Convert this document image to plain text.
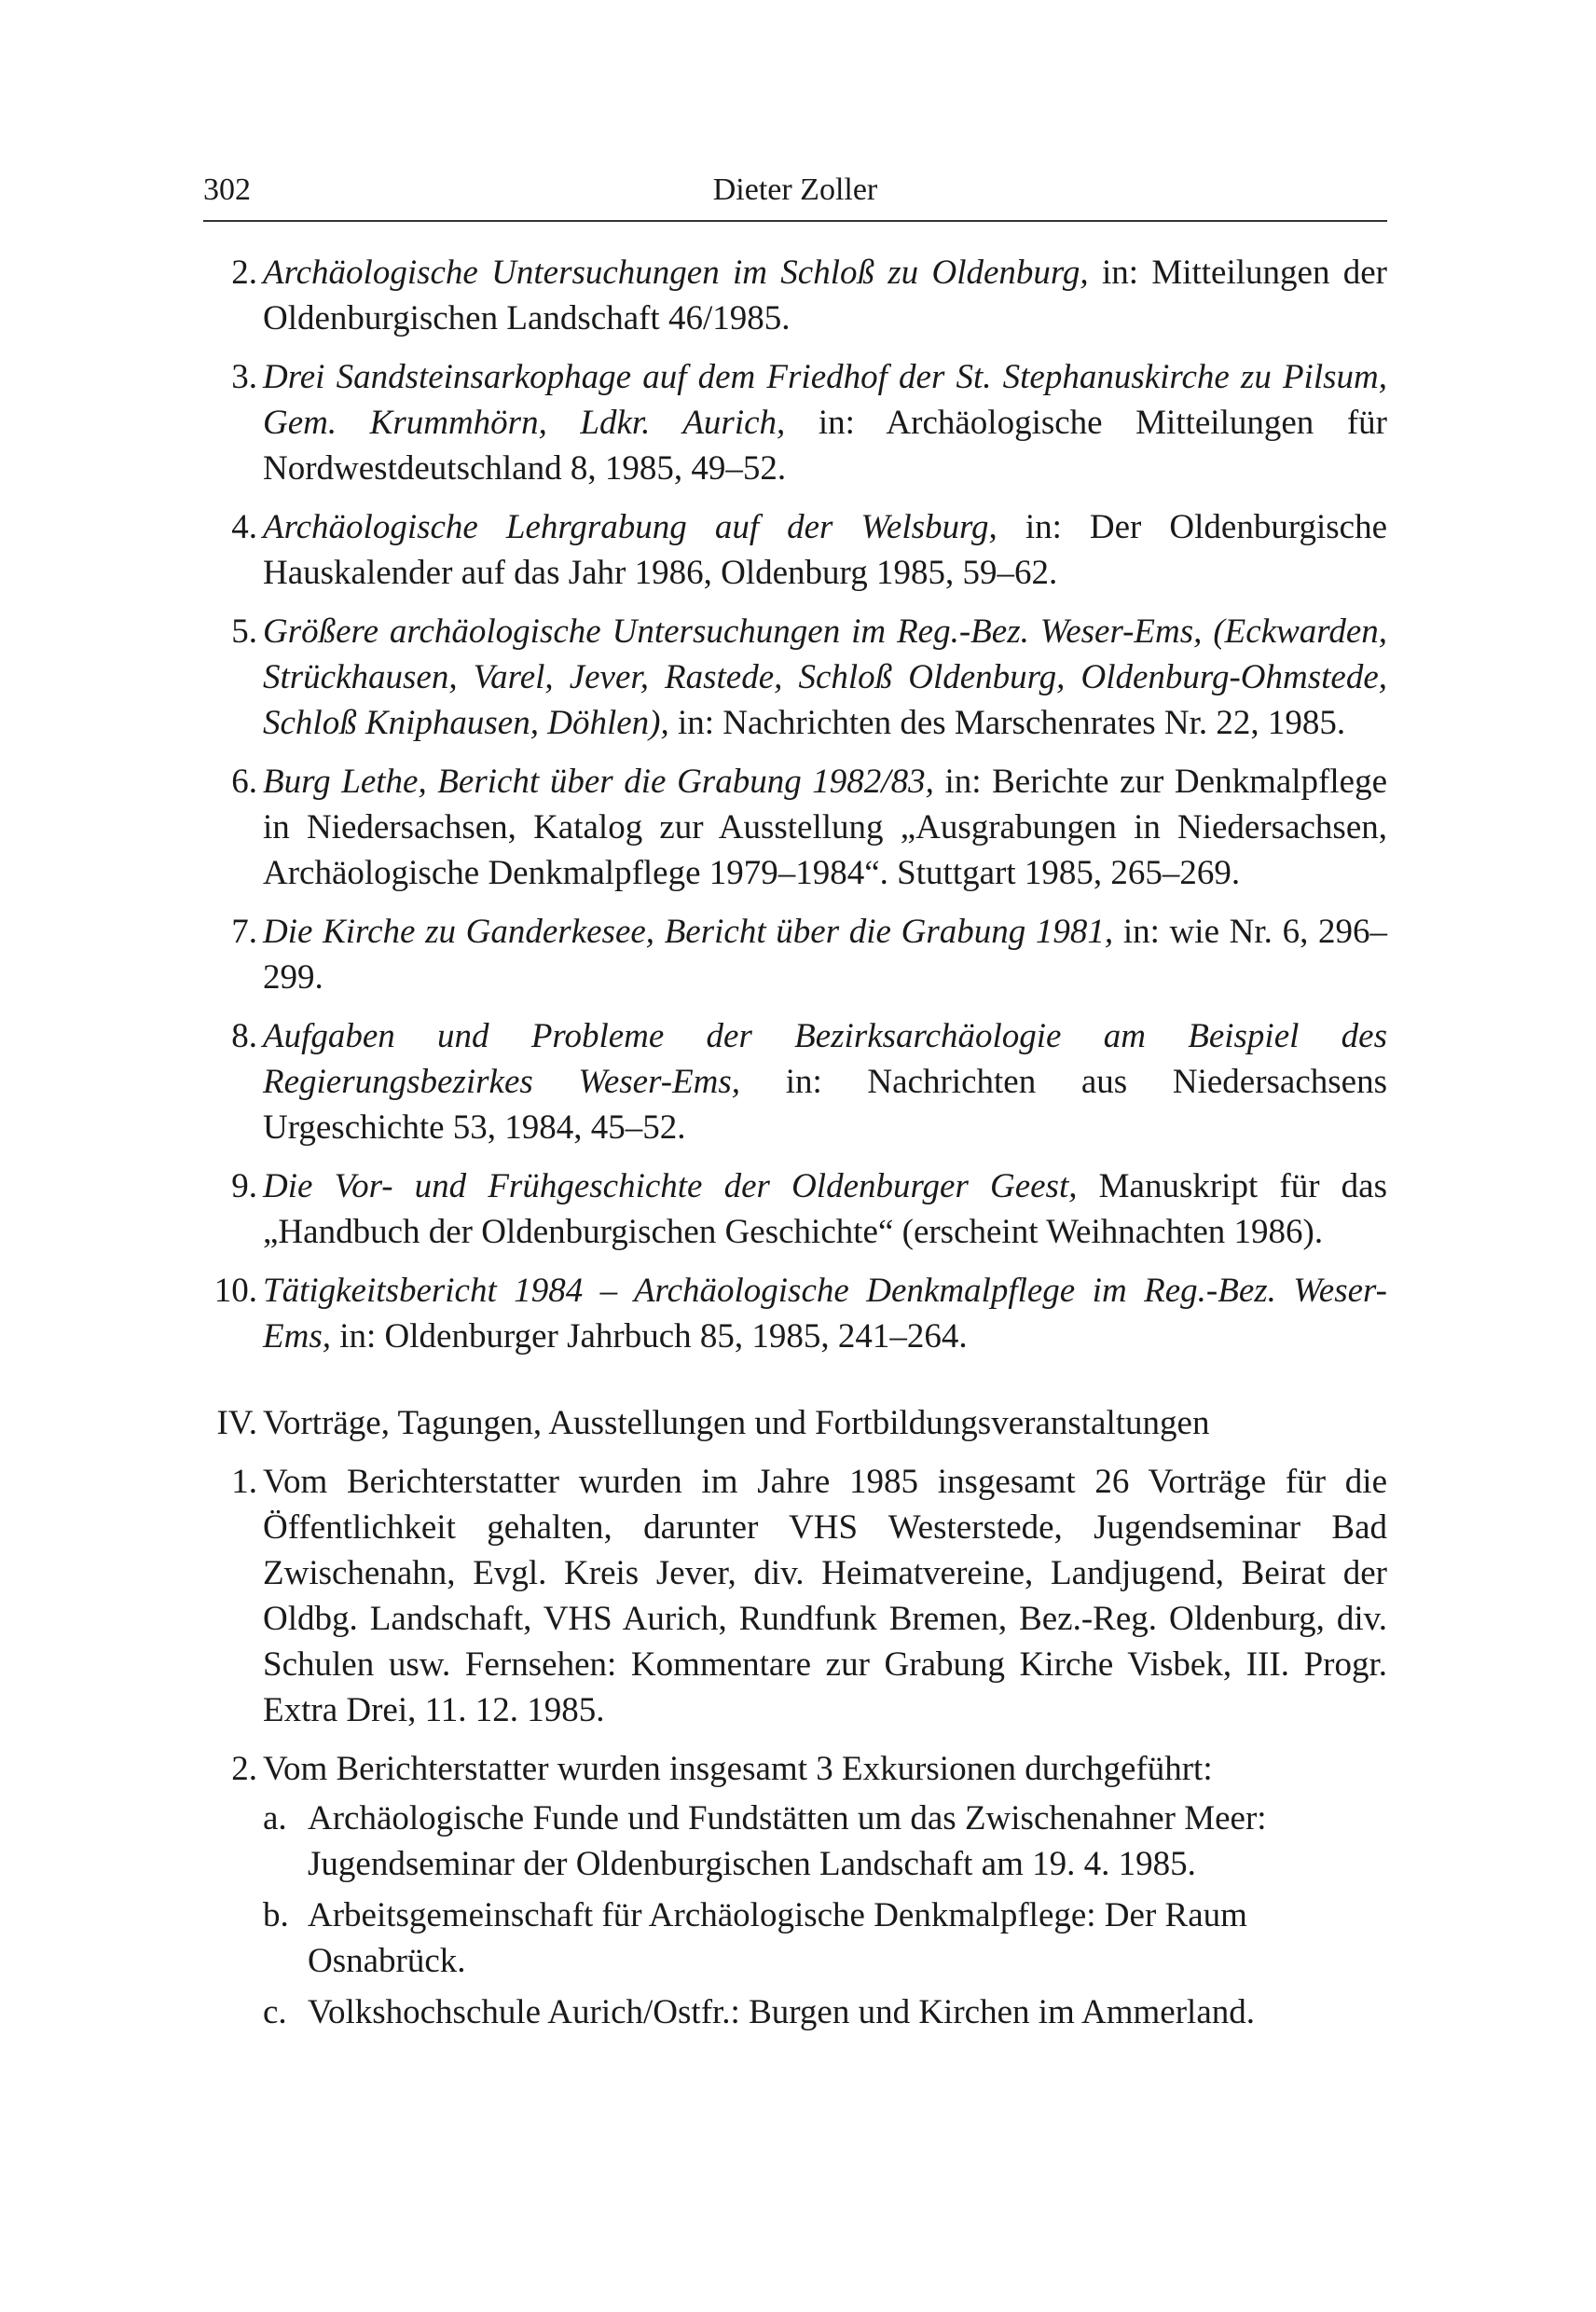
302	Dieter Zoller
2. Archäologische Untersuchungen im Schloß zu Oldenburg, in: Mitteilungen der Oldenburgischen Landschaft 46/1985.
3. Drei Sandsteinsarkophage auf dem Friedhof der St. Stephanuskirche zu Pilsum, Gem. Krummhörn, Ldkr. Aurich, in: Archäologische Mitteilungen für Nordwestdeutschland 8, 1985, 49–52.
4. Archäologische Lehrgrabung auf der Welsburg, in: Der Oldenburgische Hauskalender auf das Jahr 1986, Oldenburg 1985, 59–62.
5. Größere archäologische Untersuchungen im Reg.-Bez. Weser-Ems, (Eckwarden, Strückhausen, Varel, Jever, Rastede, Schloß Oldenburg, Oldenburg-Ohmstede, Schloß Kniphausen, Döhlen), in: Nachrichten des Marschenrates Nr. 22, 1985.
6. Burg Lethe, Bericht über die Grabung 1982/83, in: Berichte zur Denkmalpflege in Niedersachsen, Katalog zur Ausstellung „Ausgrabungen in Niedersachsen, Archäologische Denkmalpflege 1979–1984“. Stuttgart 1985, 265–269.
7. Die Kirche zu Ganderkesee, Bericht über die Grabung 1981, in: wie Nr. 6, 296–299.
8. Aufgaben und Probleme der Bezirksarchäologie am Beispiel des Regierungsbezirkes Weser-Ems, in: Nachrichten aus Niedersachsens Urgeschichte 53, 1984, 45–52.
9. Die Vor- und Frühgeschichte der Oldenburger Geest, Manuskript für das „Handbuch der Oldenburgischen Geschichte“ (erscheint Weihnachten 1986).
10. Tätigkeitsbericht 1984 – Archäologische Denkmalpflege im Reg.-Bez. Weser-Ems, in: Oldenburger Jahrbuch 85, 1985, 241–264.
IV. Vorträge, Tagungen, Ausstellungen und Fortbildungsveranstaltungen
1. Vom Berichterstatter wurden im Jahre 1985 insgesamt 26 Vorträge für die Öffentlichkeit gehalten, darunter VHS Westerstede, Jugendseminar Bad Zwischenahn, Evgl. Kreis Jever, div. Heimatvereine, Landjugend, Beirat der Oldbg. Landschaft, VHS Aurich, Rundfunk Bremen, Bez.-Reg. Oldenburg, div. Schulen usw. Fernsehen: Kommentare zur Grabung Kirche Visbek, III. Progr. Extra Drei, 11. 12. 1985.
2. Vom Berichterstatter wurden insgesamt 3 Exkursionen durchgeführt:
a. Archäologische Funde und Fundstätten um das Zwischenahner Meer: Jugendseminar der Oldenburgischen Landschaft am 19. 4. 1985.
b. Arbeitsgemeinschaft für Archäologische Denkmalpflege: Der Raum Osnabrück.
c. Volkshochschule Aurich/Ostfr.: Burgen und Kirchen im Ammerland.
